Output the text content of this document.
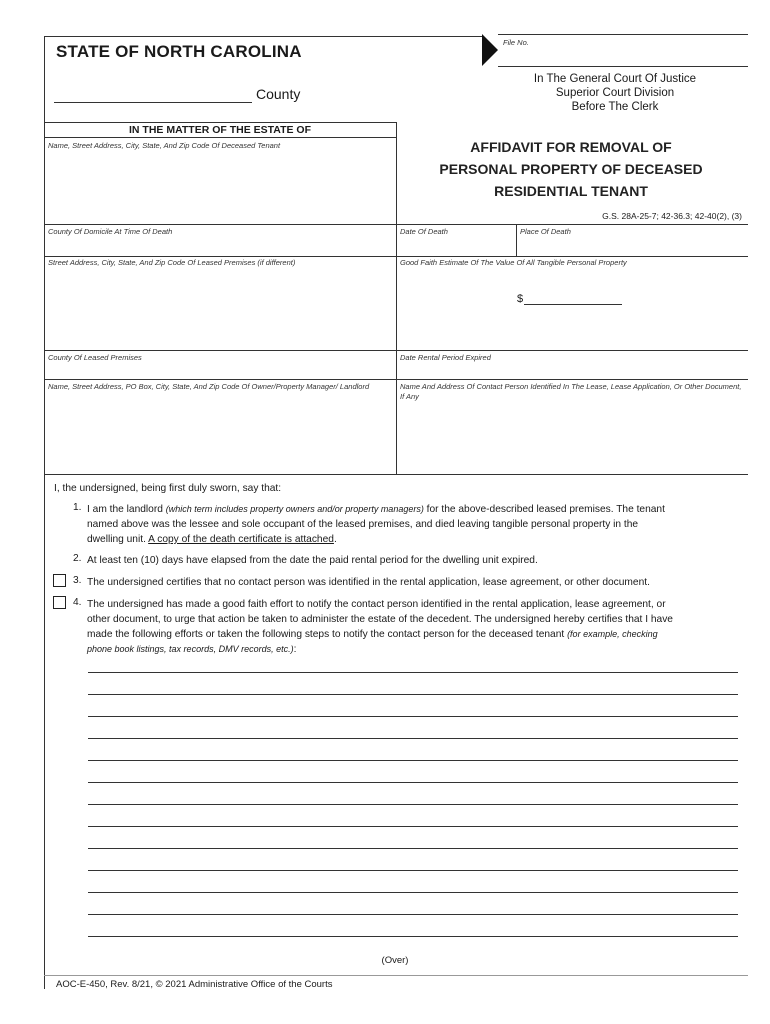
File No.
STATE OF NORTH CAROLINA
County
In The General Court Of Justice
Superior Court Division
Before The Clerk
IN THE MATTER OF THE ESTATE OF
Name, Street Address, City, State, And Zip Code Of Deceased Tenant	AFFIDAVIT FOR REMOVAL OF
PERSONAL PROPERTY OF DECEASED
RESIDENTIAL TENANT
G.S. 28A-25-7; 42-36.3; 42-40(2), (3)
County Of Domicile At Time Of Death	Date Of Death	Place Of Death
Street Address, City, State, And Zip Code Of Leased Premises (if different)	Good Faith Estimate Of The Value Of All Tangible Personal Property
$
County Of Leased Premises	Date Rental Period Expired
Name, Street Address, PO Box, City, State, And Zip Code Of Owner/Property Manager/ Landlord	Name And Address Of Contact Person Identified In The Lease, Lease Application, Or Other Document, If Any
I, the undersigned, being first duly sworn, say that:
1. I am the landlord (which term includes property owners and/or property managers) for the above-described leased premises. The tenant
named above was the lessee and sole occupant of the leased premises, and died leaving tangible personal property in the
dwelling unit. A copy of the death certificate is attached.
2. At least ten (10) days have elapsed from the date the paid rental period for the dwelling unit expired.
3. The undersigned certifies that no contact person was identified in the rental application, lease agreement, or other document.
4. The undersigned has made a good faith effort to notify the contact person identified in the rental application, lease agreement, or
other document, to urge that action be taken to administer the estate of the decedent. The undersigned hereby certifies that I have
made the following efforts or taken the following steps to notify the contact person for the deceased tenant (for example, checking
phone book listings, tax records, DMV records, etc.):
(Over)
AOC-E-450, Rev. 8/21, © 2021 Administrative Office of the Courts
